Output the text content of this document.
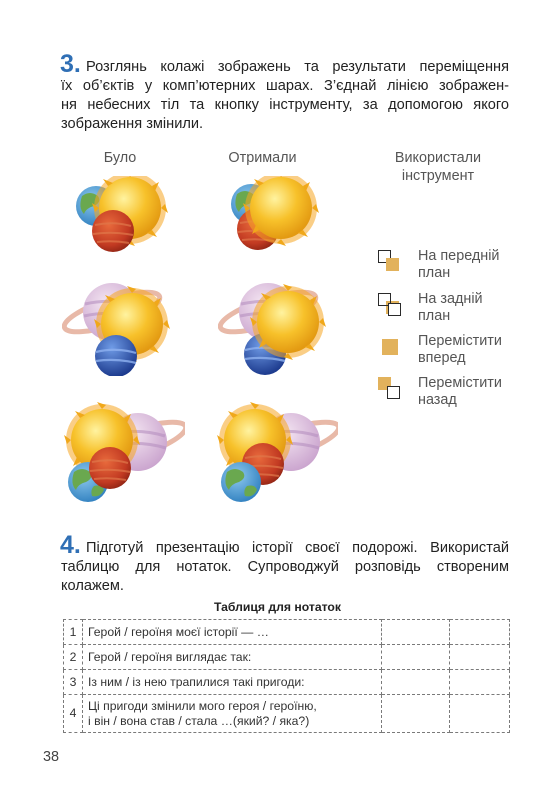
3. Розглянь колажі зображень та результати переміщення
їх об’єктів у комп’ютерних шарах. З’єднай лінією зображен-
ня небесних тіл та кнопку інструменту, за допомогою якого
зображення змінили.
Було	Отримали	Використали
інструмент
На передній
план
На задній
план
Перемістити
вперед
Перемістити
назад
4. Підготуй презентацію історії своєї подорожі. Використай
таблицю для нотаток. Супроводжуй розповідь створеним
колажем.
Таблиця для нотаток
1	Герой / героїня моєї історії — …		
2	Герой / героїня виглядає так:		
3	Із ним / із нею трапилися такі пригоди:		
4	Ці пригоди змінили мого героя / героїню,
і він / вона став / стала …(який? / яка?)		

38
